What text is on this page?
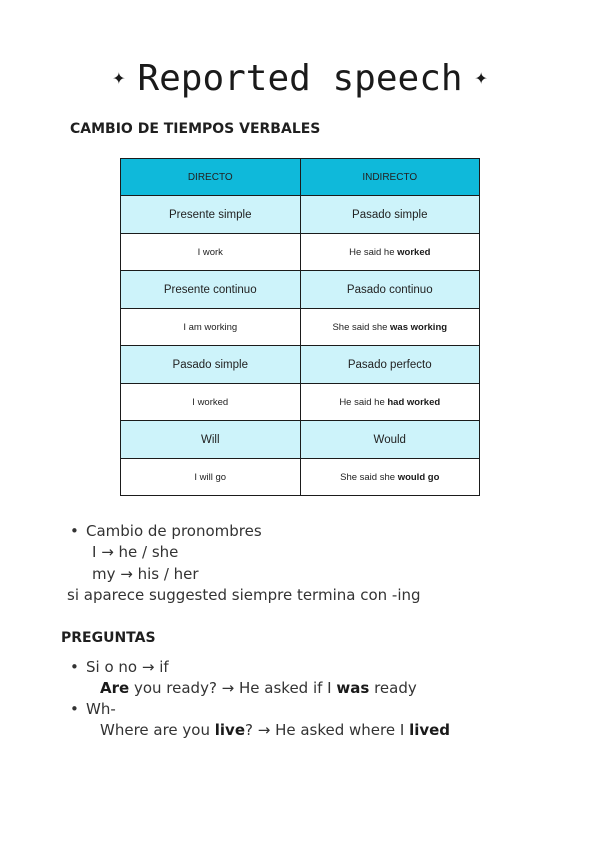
✦ Reported speech ✦
CAMBIO DE TIEMPOS VERBALES
DIRECTO	INDIRECTO
Presente simple	Pasado simple
I work	He said he worked
Presente continuo	Pasado continuo
I am working	She said she was working
Pasado simple	Pasado perfecto
I worked	He said he had worked
Will	Would
I will go	She said she would go
• Cambio de pronombres
I → he / she
my → his / her
si aparece suggested siempre termina con -ing
PREGUNTAS
• Si o no → if
Are you ready? → He asked if I was ready
• Wh-
Where are you live? → He asked where I lived
